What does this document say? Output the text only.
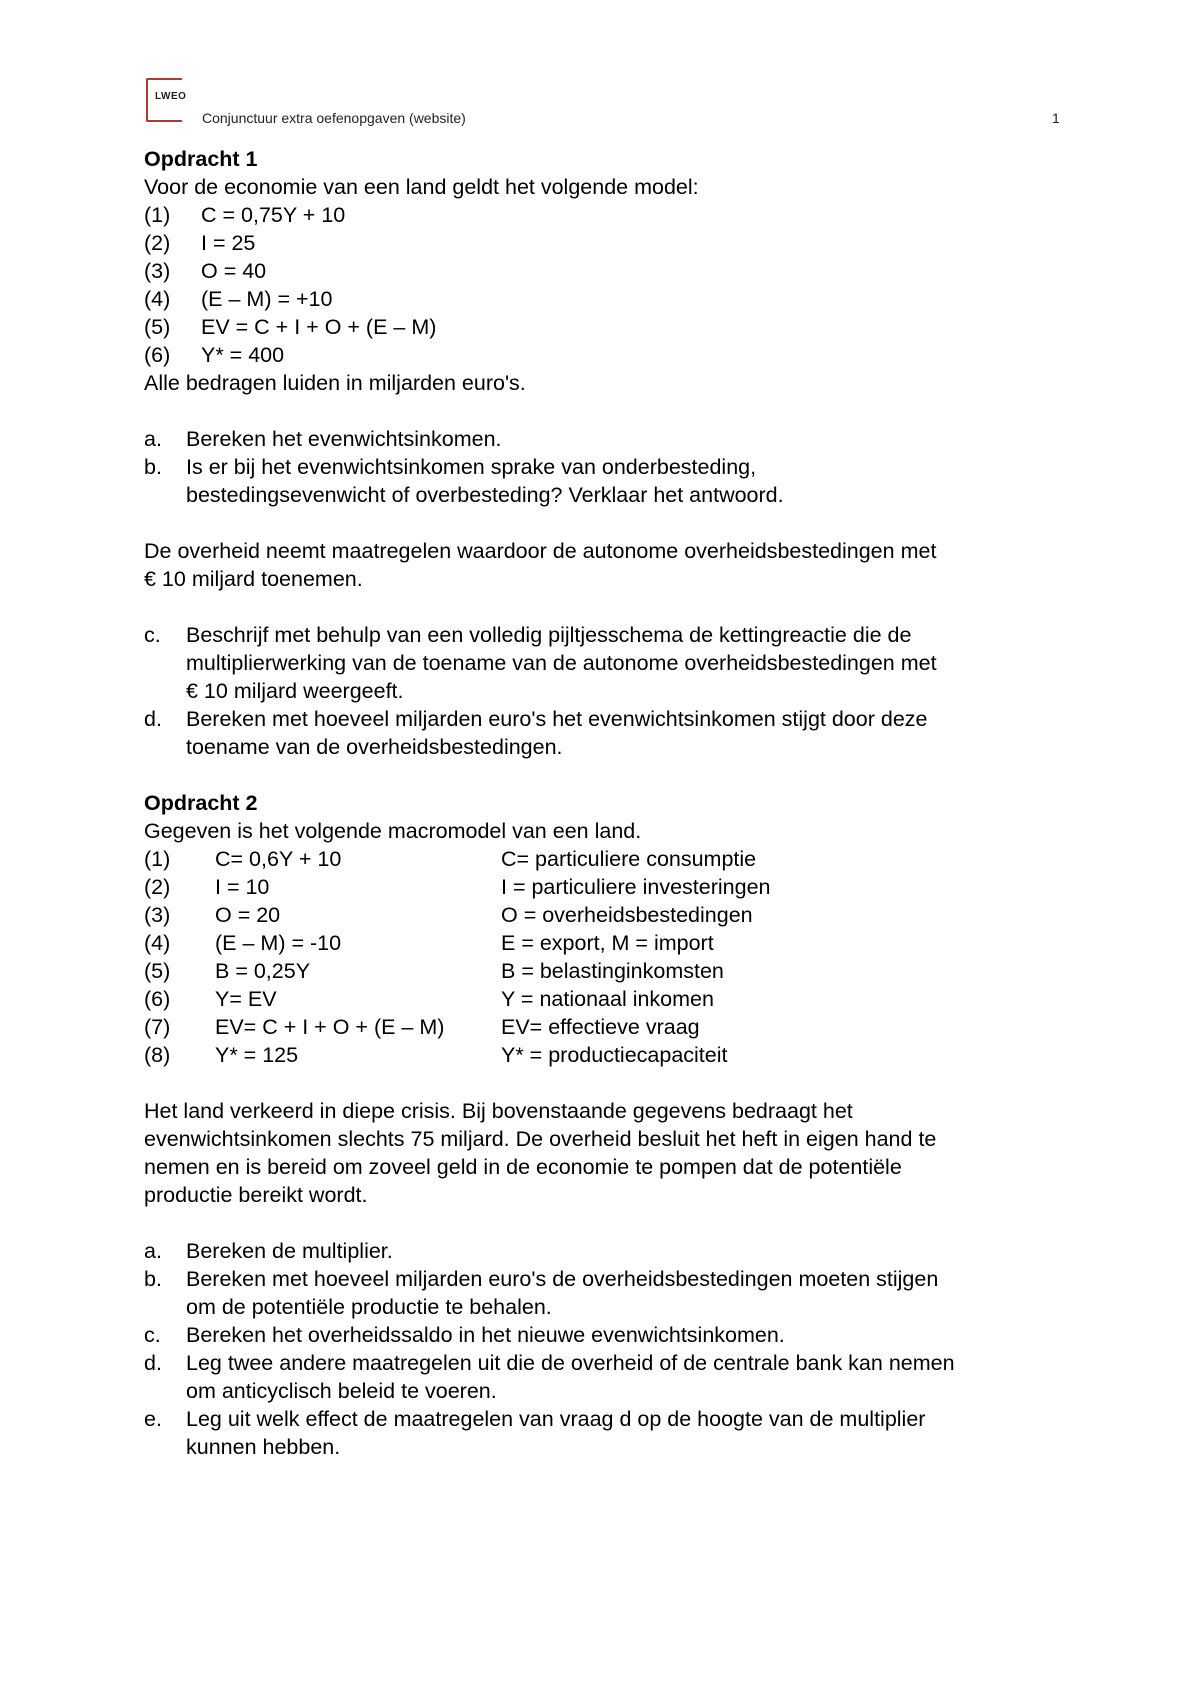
LWEO
Conjunctuur extra oefenopgaven (website)	1
Opdracht 1
Voor de economie van een land geldt het volgende model:
(1)	C = 0,75Y + 10
(2)	I = 25
(3)	O = 40
(4)	(E – M) = +10
(5)	EV = C + I + O + (E – M)
(6)	Y* = 400
Alle bedragen luiden in miljarden euro's.
a.	Bereken het evenwichtsinkomen.
b.	Is er bij het evenwichtsinkomen sprake van onderbesteding,
bestedingsevenwicht of overbesteding? Verklaar het antwoord.
De overheid neemt maatregelen waardoor de autonome overheidsbestedingen met
€ 10 miljard toenemen.
c.	Beschrijf met behulp van een volledig pijltjesschema de kettingreactie die de
multiplierwerking van de toename van de autonome overheidsbestedingen met
€ 10 miljard weergeeft.
d.	Bereken met hoeveel miljarden euro's het evenwichtsinkomen stijgt door deze
toename van de overheidsbestedingen.
Opdracht 2
Gegeven is het volgende macromodel van een land.
(1)	C= 0,6Y + 10	C= particuliere consumptie
(2)	I = 10	I = particuliere investeringen
(3)	O = 20	O = overheidsbestedingen
(4)	(E – M) = -10	E = export, M = import
(5)	B = 0,25Y	B = belastinginkomsten
(6)	Y= EV	Y = nationaal inkomen
(7)	EV= C + I + O + (E – M)	EV= effectieve vraag
(8)	Y* = 125	Y* = productiecapaciteit
Het land verkeerd in diepe crisis. Bij bovenstaande gegevens bedraagt het
evenwichtsinkomen slechts 75 miljard. De overheid besluit het heft in eigen hand te
nemen en is bereid om zoveel geld in de economie te pompen dat de potentiële
productie bereikt wordt.
a.	Bereken de multiplier.
b.	Bereken met hoeveel miljarden euro's de overheidsbestedingen moeten stijgen
om de potentiële productie te behalen.
c.	Bereken het overheidssaldo in het nieuwe evenwichtsinkomen.
d.	Leg twee andere maatregelen uit die de overheid of de centrale bank kan nemen
om anticyclisch beleid te voeren.
e.	Leg uit welk effect de maatregelen van vraag d op de hoogte van de multiplier
kunnen hebben.
